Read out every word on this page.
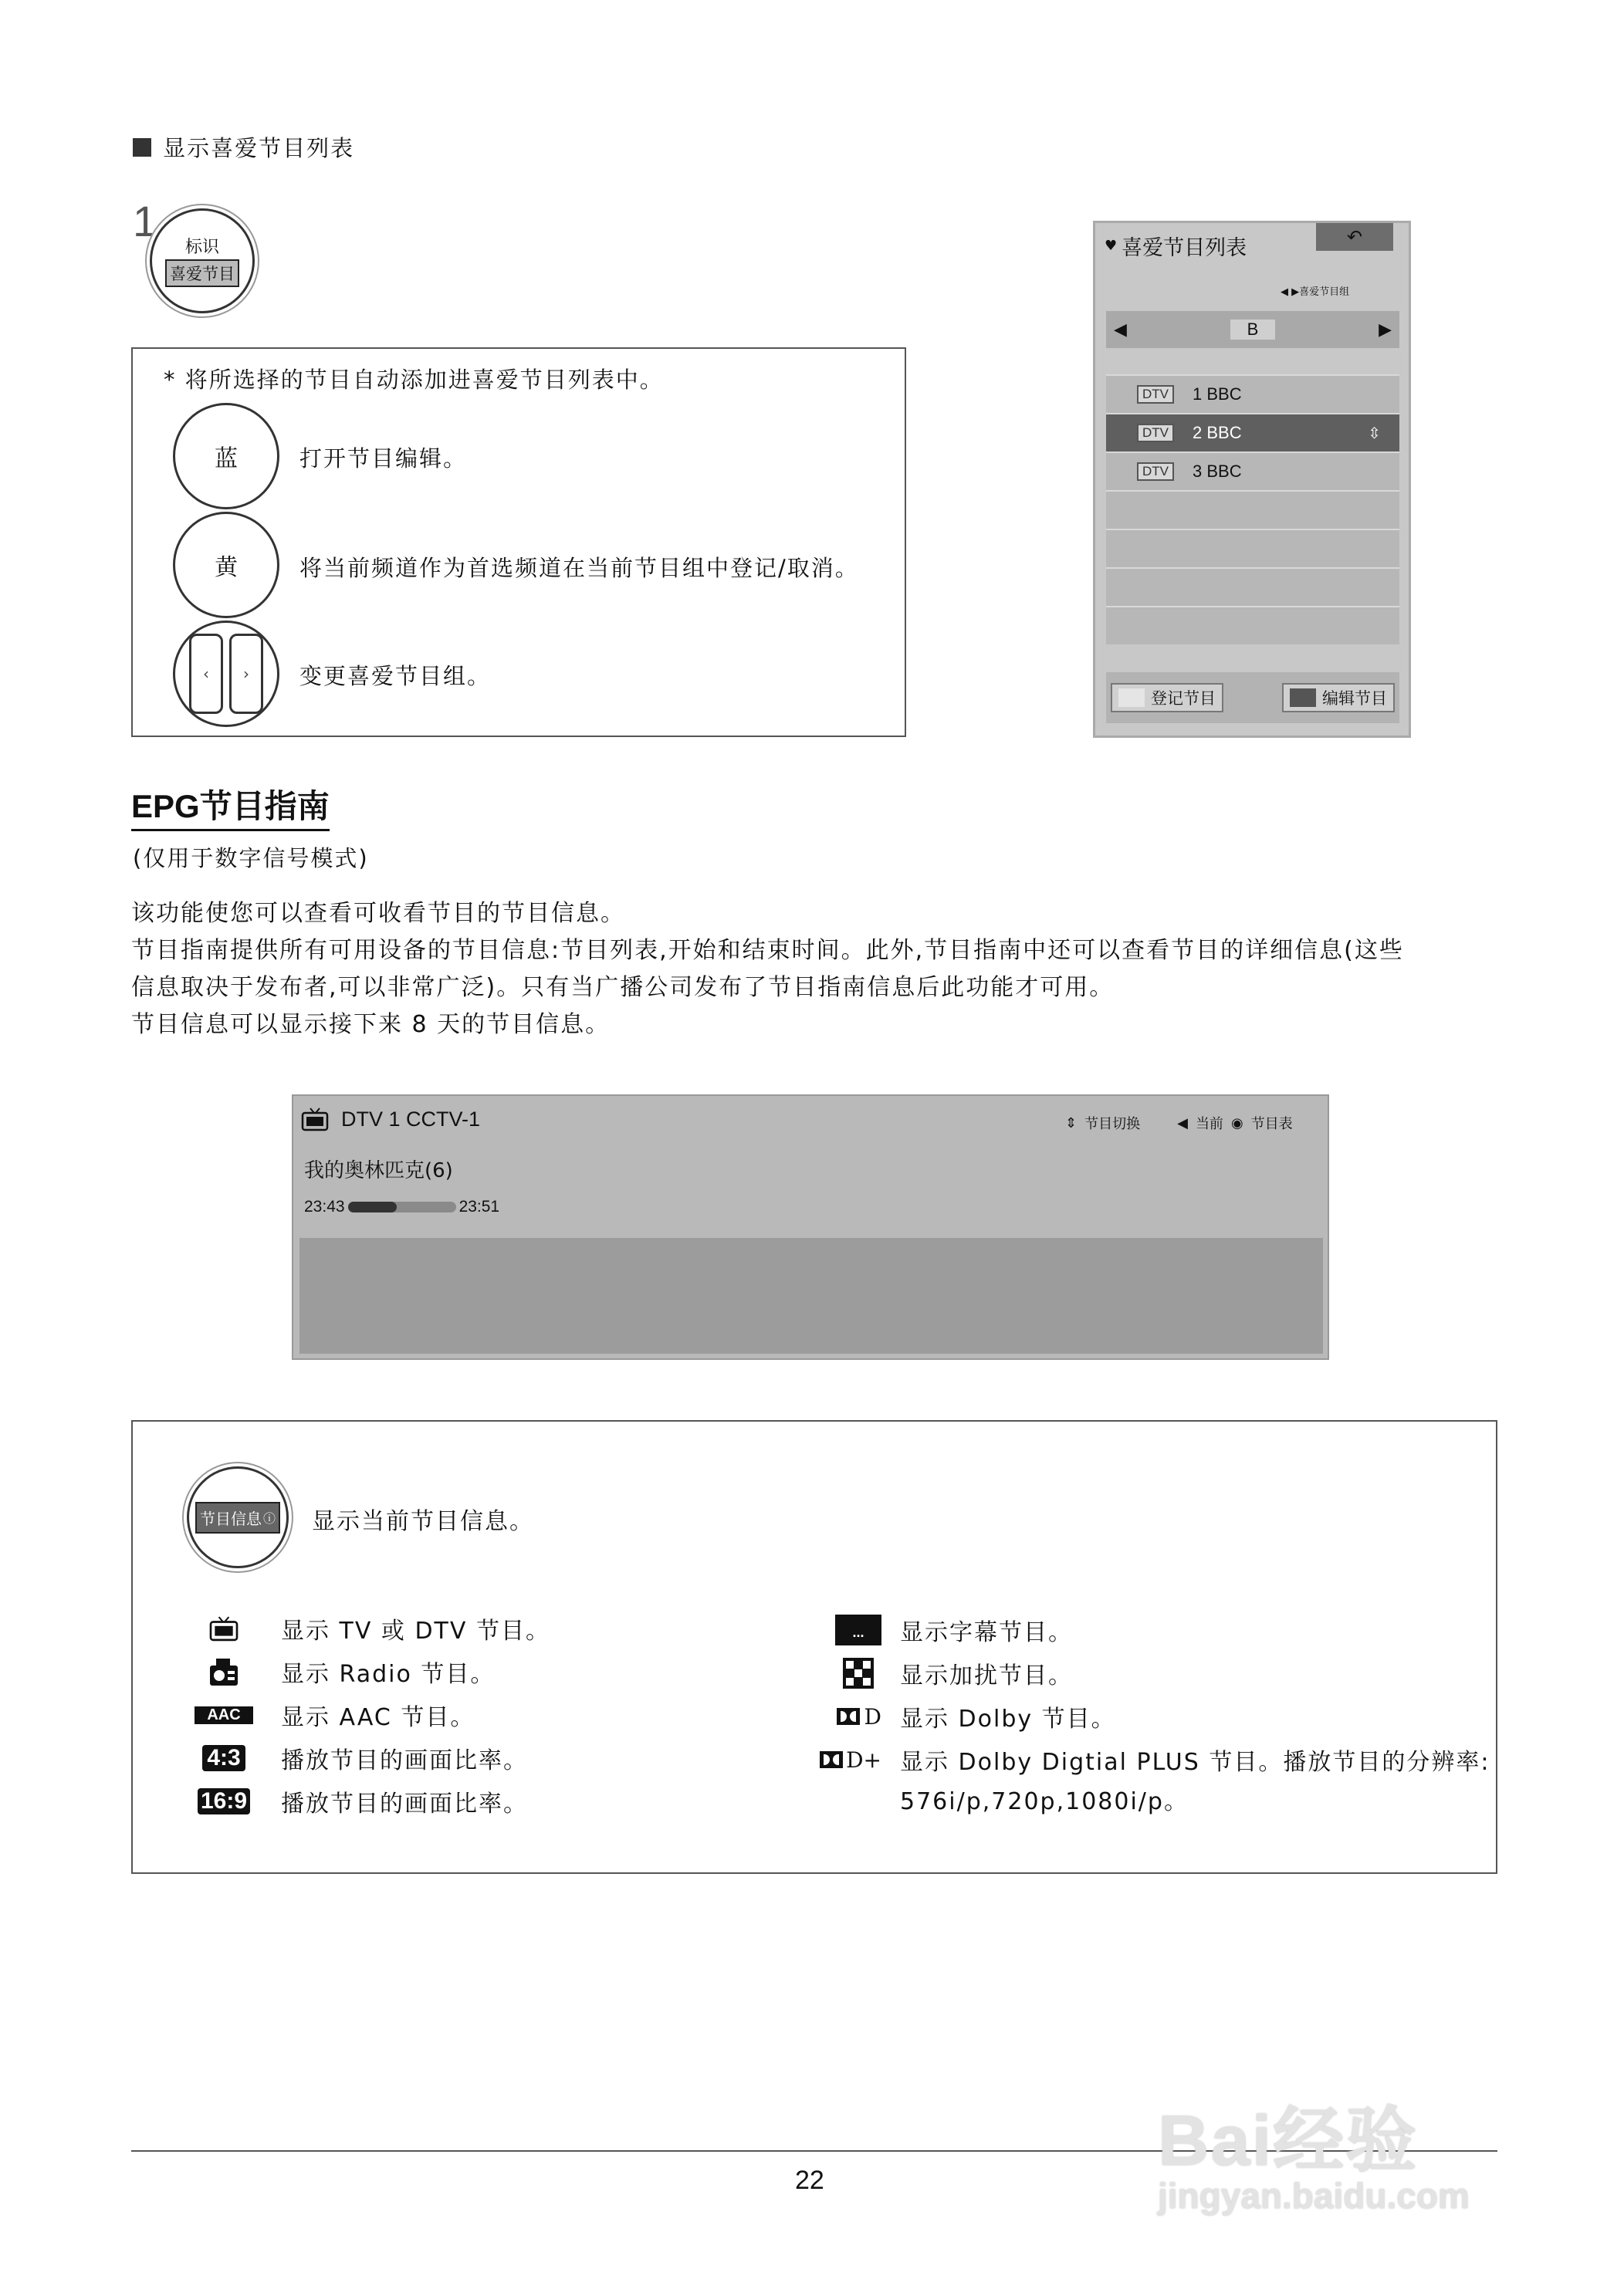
显示喜爱节目列表
1
标识
喜爱节目
* 将所选择的节目自动添加进喜爱节目列表中。
蓝	打开节目编辑。
黄	将当前频道作为首选频道在当前节目组中登记/取消。
‹ › 变更喜爱节目组。
♥ 喜爱节目列表	↶
◀ ▶喜爱节目组
◀	B	▶
DTV	1 BBC
DTV	2 BBC	⇳
DTV	3 BBC
登记节目	编辑节目
EPG节目指南
(仅用于数字信号模式)
该功能使您可以查看可收看节目的节目信息。
节目指南提供所有可用设备的节目信息:节目列表,开始和结束时间。此外,节目指南中还可以查看节目的详细信息(这些
信息取决于发布者,可以非常广泛)。只有当广播公司发布了节目指南信息后此功能才可用。
节目信息可以显示接下来 8 天的节目信息。
DTV 1 CCTV-1	⇕ 节目切换	◀ 当前 ◉ 节目表
我的奥林匹克(6)
23:43	23:51
节目信息 ⓘ 显示当前节目信息。
显示 TV 或 DTV 节目。
显示 Radio 节目。
AAC	显示 AAC 节目。
4:3 播放节目的画面比率。
16:9 播放节目的画面比率。
...	显示字幕节目。
显示加扰节目。
D 显示 Dolby 节目。
D+ 显示 Dolby Digtial PLUS 节目。播放节目的分辨率:
576i/p,720p,1080i/p。
22	Bai经验
jingyan.baidu.com
